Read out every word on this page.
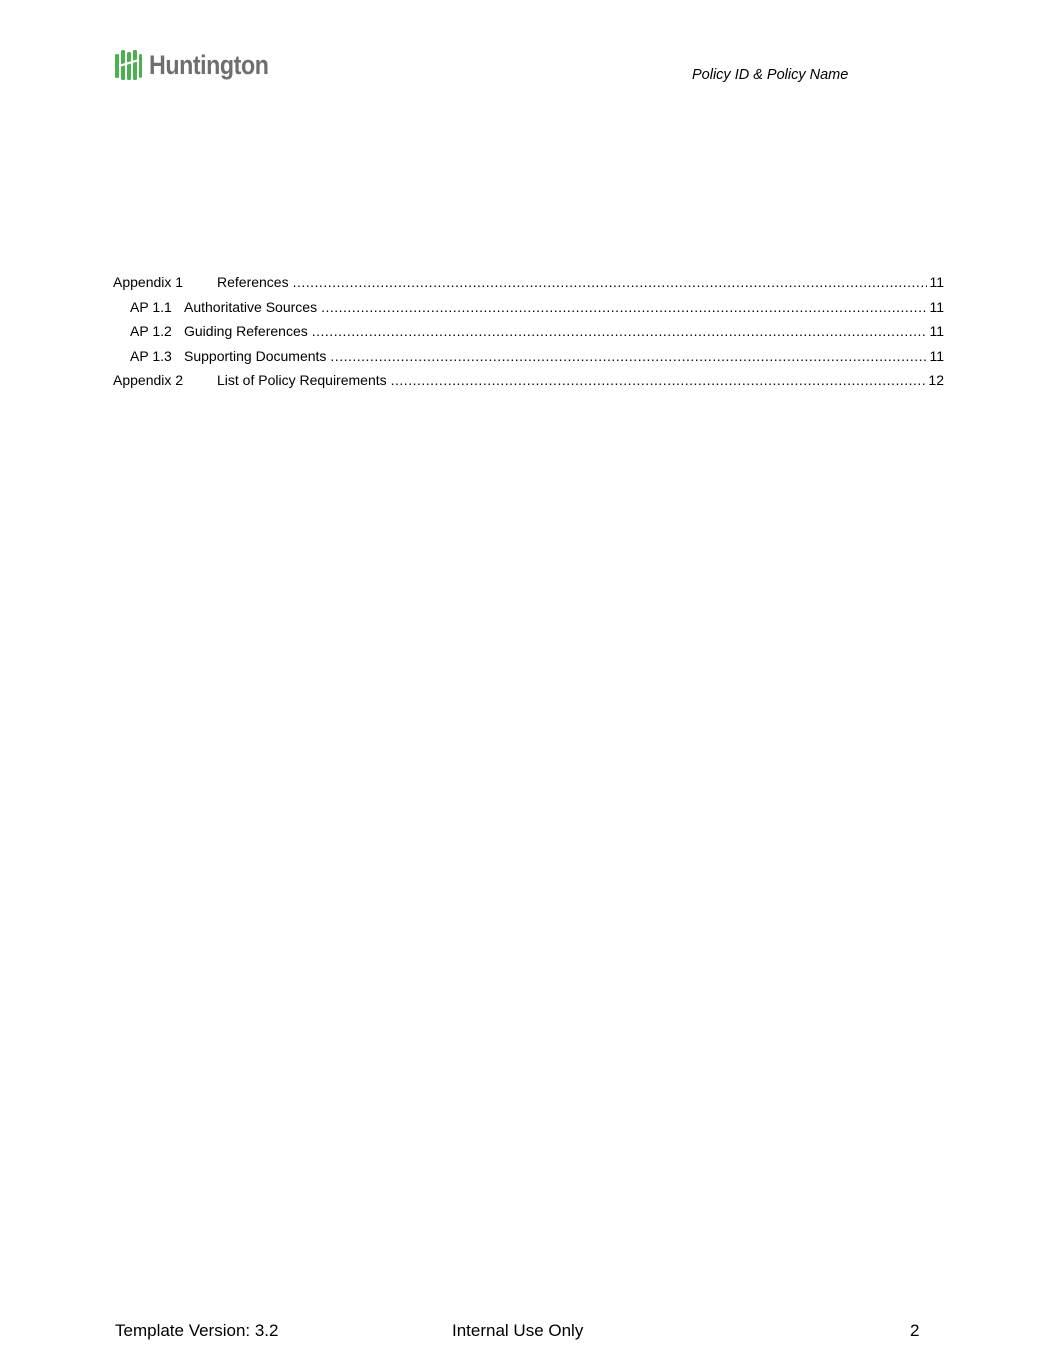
Huntington	Policy ID & Policy Name
Appendix 1	References .....	11
AP 1.1 Authoritative Sources .....	11
AP 1.2 Guiding References .....	11
AP 1.3 Supporting Documents .....	11
Appendix 2	List of Policy Requirements .....	12
Template Version: 3.2	Internal Use Only	2
